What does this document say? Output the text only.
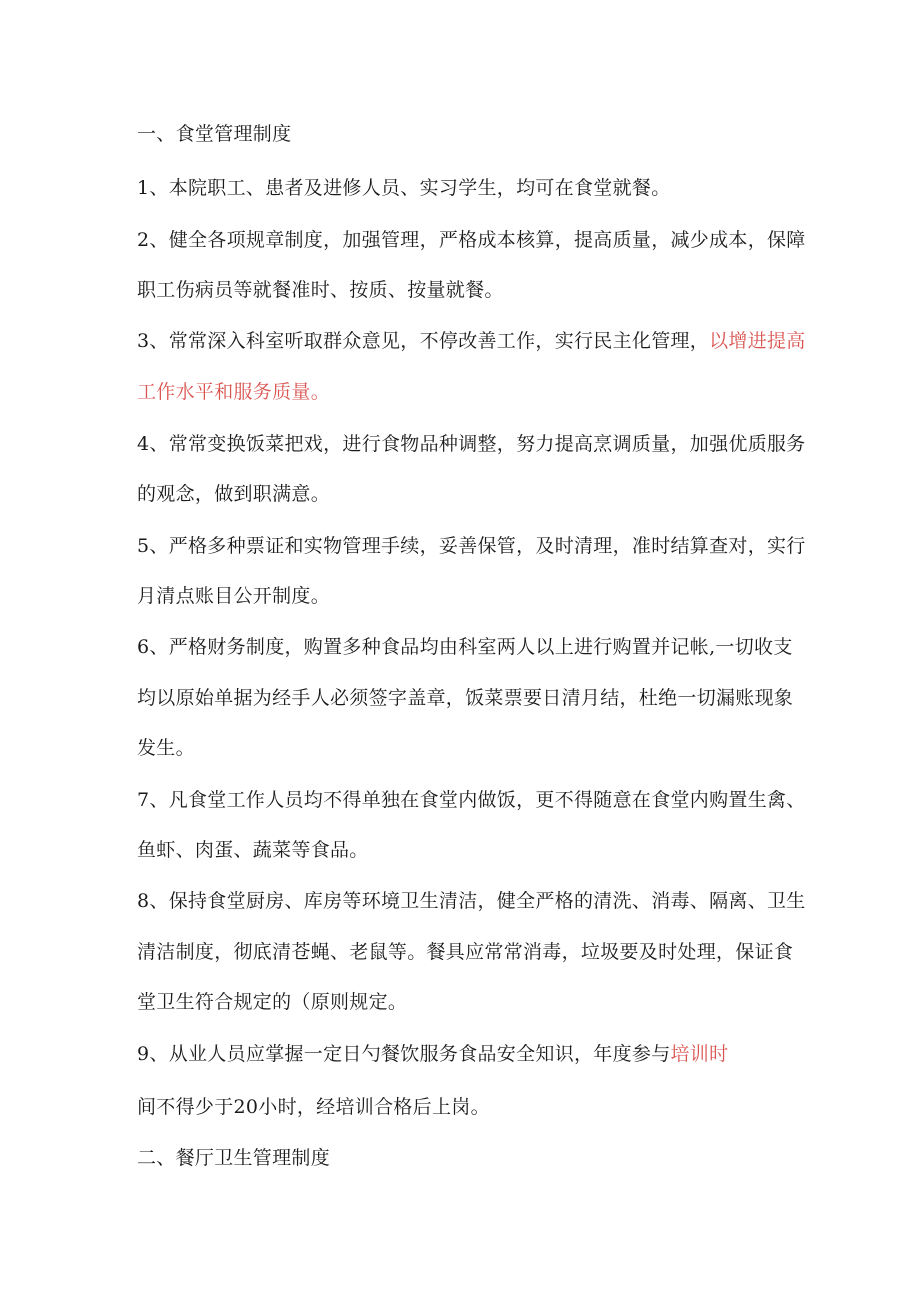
一、食堂管理制度
1、本院职工、患者及进修人员、实习学生，均可在食堂就餐。
2、健全各项规章制度，加强管理，严格成本核算，提高质量，减少成本，保障
职工伤病员等就餐准时、按质、按量就餐。
3、常常深入科室听取群众意见，不停改善工作，实行民主化管理，以增进提高
工作水平和服务质量。
4、常常变换饭菜把戏，进行食物品种调整，努力提高烹调质量，加强优质服务
的观念，做到职满意。
5、严格多种票证和实物管理手续，妥善保管，及时清理，准时结算查对，实行
月清点账目公开制度。
6、严格财务制度，购置多种食品均由科室两人以上进行购置并记帐,一切收支
均以原始单据为经手人必须签字盖章，饭菜票要日清月结，杜绝一切漏账现象
发生。
7、凡食堂工作人员均不得单独在食堂内做饭，更不得随意在食堂内购置生禽、
鱼虾、肉蛋、蔬菜等食品。
8、保持食堂厨房、库房等环境卫生清洁，健全严格的清洗、消毒、隔离、卫生
清洁制度，彻底清苍蝇、老鼠等。餐具应常常消毒，垃圾要及时处理，保证食
堂卫生符合规定的（原则规定。
9、从业人员应掌握一定日勺餐饮服务食品安全知识，年度参与培训时
间不得少于20小时，经培训合格后上岗。
二、餐厅卫生管理制度
